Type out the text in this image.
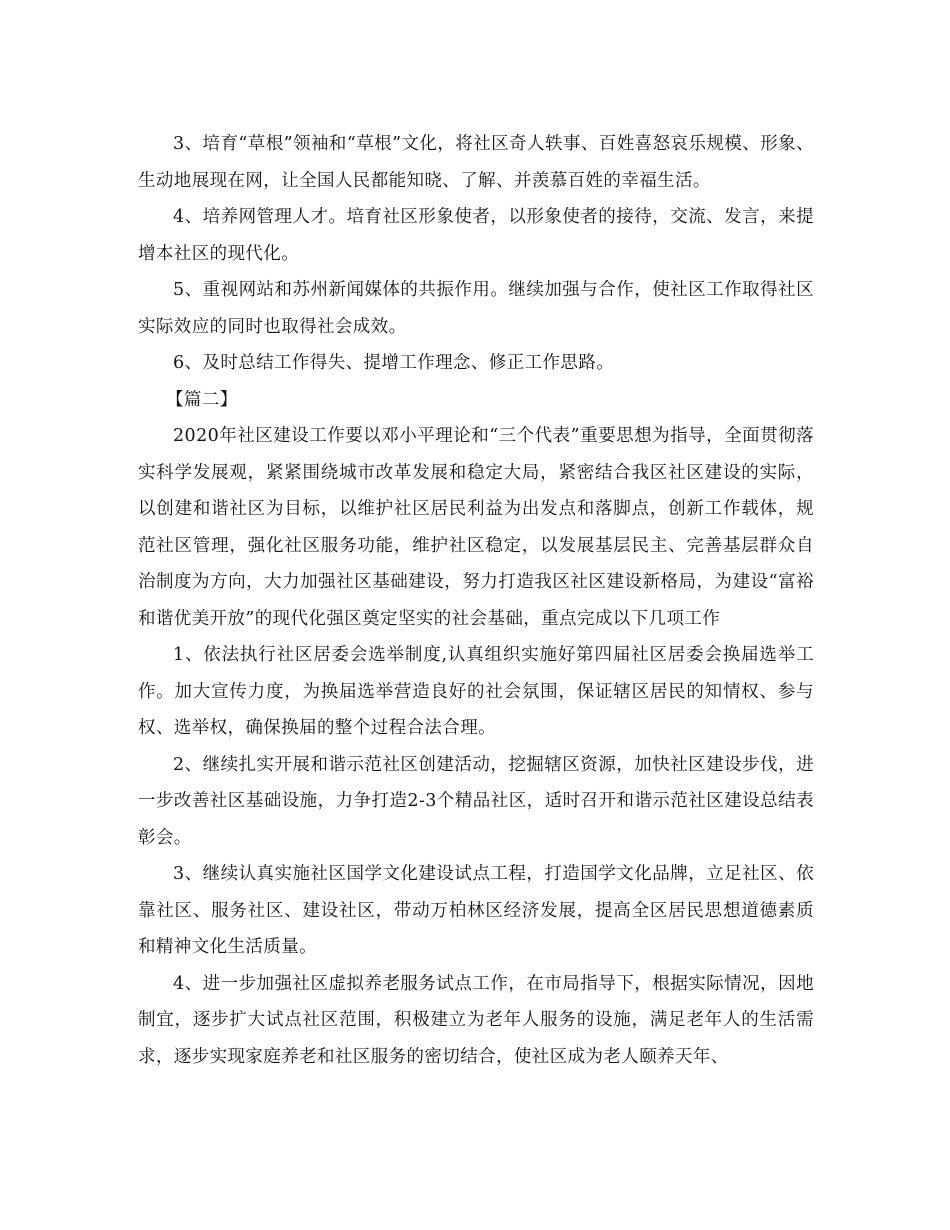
3、培育“草根”领袖和“草根”文化，将社区奇人轶事、百姓喜怒哀乐规模、形象、生动地展现在网，让全国人民都能知晓、了解、并羡慕百姓的幸福生活。

4、培养网管理人才。培育社区形象使者，以形象使者的接待，交流、发言，来提增本社区的现代化。

5、重视网站和苏州新闻媒体的共振作用。继续加强与合作，使社区工作取得社区实际效应的同时也取得社会成效。

6、及时总结工作得失、提增工作理念、修正工作思路。

【篇二】

2020年社区建设工作要以邓小平理论和“三个代表”重要思想为指导，全面贯彻落实科学发展观，紧紧围绕城市改革发展和稳定大局，紧密结合我区社区建设的实际，以创建和谐社区为目标，以维护社区居民利益为出发点和落脚点，创新工作载体，规范社区管理，强化社区服务功能，维护社区稳定，以发展基层民主、完善基层群众自治制度为方向，大力加强社区基础建设，努力打造我区社区建设新格局，为建设“富裕和谐优美开放”的现代化强区奠定坚实的社会基础，重点完成以下几项工作

1、依法执行社区居委会选举制度,认真组织实施好第四届社区居委会换届选举工作。加大宣传力度，为换届选举营造良好的社会氛围，保证辖区居民的知情权、参与权、选举权，确保换届的整个过程合法合理。

2、继续扎实开展和谐示范社区创建活动，挖掘辖区资源，加快社区建设步伐，进一步改善社区基础设施，力争打造2-3个精品社区，适时召开和谐示范社区建设总结表彰会。

3、继续认真实施社区国学文化建设试点工程，打造国学文化品牌，立足社区、依靠社区、服务社区、建设社区，带动万柏林区经济发展，提高全区居民思想道德素质和精神文化生活质量。

4、进一步加强社区虚拟养老服务试点工作，在市局指导下，根据实际情况，因地制宜，逐步扩大试点社区范围，积极建立为老年人服务的设施，满足老年人的生活需求，逐步实现家庭养老和社区服务的密切结合，使社区成为老人颐养天年、
